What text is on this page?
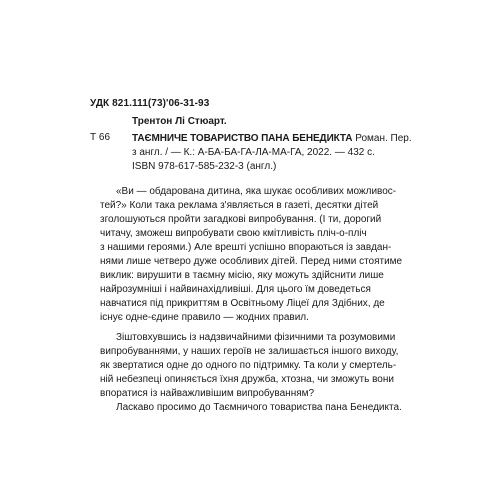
УДК 821.111(73)'06-31-93
Трентон Лі Стюарт.
Т 66 ТАЄМНИЧЕ ТОВАРИСТВО ПАНА БЕНЕДИКТА Роман. Пер.
з англ. / — К.: А-БА-БА-ГА-ЛА-МА-ГА, 2022. — 432 с.
ISBN 978-617-585-232-3 (англ.)
«Ви — обдарована дитина, яка шукає особливих можливос-
тей?» Коли така реклама з'являється в газеті, десятки дітей
зголошуються пройти загадкові випробування. (І ти, дорогий
читачу, зможеш випробувати свою кмітливість пліч-о-пліч
з нашими героями.) Але врешті успішно впораються із завдан-
нями лише четверо дуже особливих дітей. Перед ними стоятиме
виклик: вирушити в таємну місію, яку можуть здійснити лише
найрозумніші і найвинахідливіші. Для цього їм доведеться
навчатися під прикриттям в Освітньому Ліцеї для Здібних, де
існує одне-єдине правило — жодних правил.
Зіштовхувшись із надзвичайними фізичними та розумовими
випробуваннями, у наших героїв не залишається іншого виходу,
як звертатися одне до одного по підтримку. Та коли у смертель-
ній небезпеці опиняється їхня дружба, хтозна, чи зможуть вони
впоратися із найважливішим випробуванням?
Ласкаво просимо до Таємничого товариства пана Бенедикта.
